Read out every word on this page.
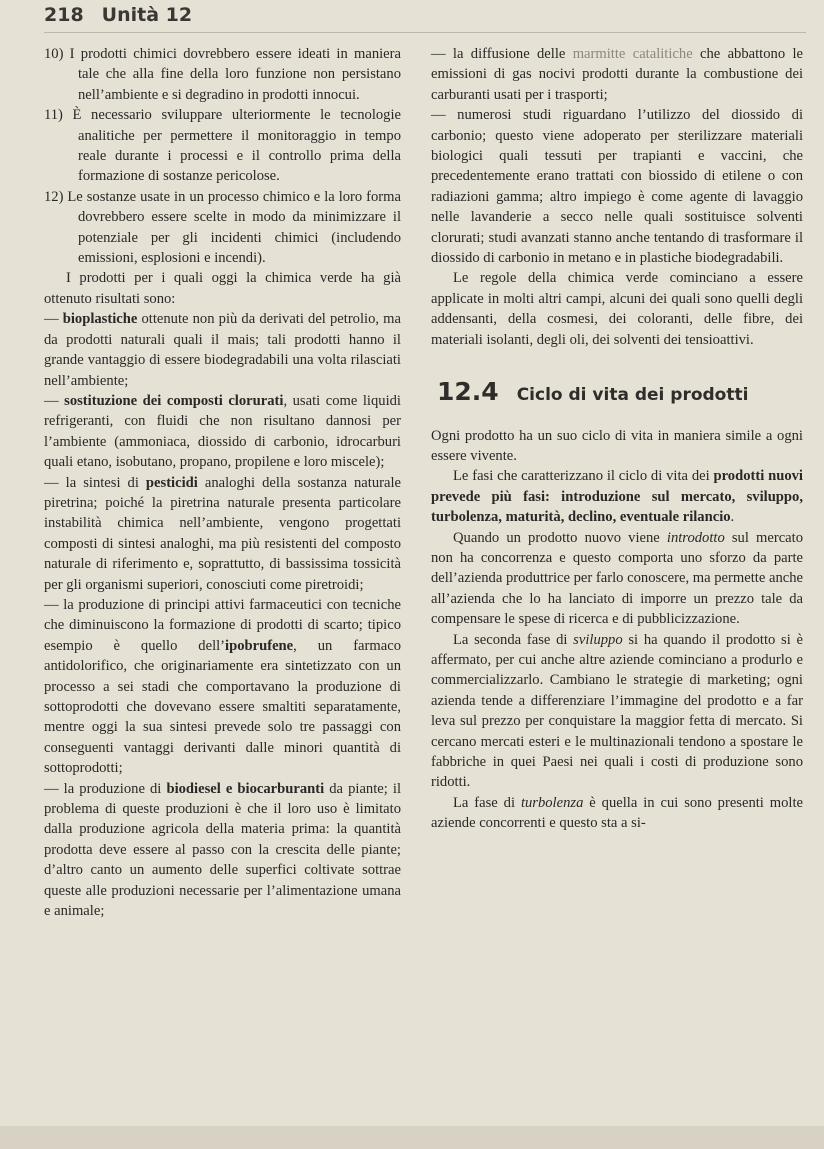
218 Unità 12

10) I prodotti chimici dovrebbero essere ideati in maniera tale che alla fine della loro funzione non persistano nell’ambiente e si degradino in prodotti innocui.

11) È necessario sviluppare ulteriormente le tecnologie analitiche per permettere il monitoraggio in tempo reale durante i processi e il controllo prima della formazione di sostanze pericolose.

12) Le sostanze usate in un processo chimico e la loro forma dovrebbero essere scelte in modo da minimizzare il potenziale per gli incidenti chimici (includendo emissioni, esplosioni e incendi).

I prodotti per i quali oggi la chimica verde ha già ottenuto risultati sono:

— bioplastiche ottenute non più da derivati del petrolio, ma da prodotti naturali quali il mais; tali prodotti hanno il grande vantaggio di essere biodegradabili una volta rilasciati nell’ambiente;

— sostituzione dei composti clorurati, usati come liquidi refrigeranti, con fluidi che non risultano dannosi per l’ambiente (ammoniaca, diossido di carbonio, idrocarburi quali etano, isobutano, propano, propilene e loro miscele);

— la sintesi di pesticidi analoghi della sostanza naturale piretrina; poiché la piretrina naturale presenta particolare instabilità chimica nell’ambiente, vengono progettati composti di sintesi analoghi, ma più resistenti del composto naturale di riferimento e, soprattutto, di bassissima tossicità per gli organismi superiori, conosciuti come piretroidi;

— la produzione di principi attivi farmaceutici con tecniche che diminuiscono la formazione di prodotti di scarto; tipico esempio è quello dell’ipobrufene, un farmaco antidolorifico, che originariamente era sintetizzato con un processo a sei stadi che comportavano la produzione di sottoprodotti che dovevano essere smaltiti separatamente, mentre oggi la sua sintesi prevede solo tre passaggi con conseguenti vantaggi derivanti dalle minori quantità di sottoprodotti;

— la produzione di biodiesel e biocarburanti da piante; il problema di queste produzioni è che il loro uso è limitato dalla produzione agricola della materia prima: la quantità prodotta deve essere al passo con la crescita delle piante; d’altro canto un aumento delle superfici coltivate sottrae queste alle produzioni necessarie per l’alimentazione umana e animale;

— la diffusione delle marmitte catalitiche che abbattono le emissioni di gas nocivi prodotti durante la combustione dei carburanti usati per i trasporti;

— numerosi studi riguardano l’utilizzo del diossido di carbonio; questo viene adoperato per sterilizzare materiali biologici quali tessuti per trapianti e vaccini, che precedentemente erano trattati con biossido di etilene o con radiazioni gamma; altro impiego è come agente di lavaggio nelle lavanderie a secco nelle quali sostituisce solventi clorurati; studi avanzati stanno anche tentando di trasformare il diossido di carbonio in metano e in plastiche biodegradabili.

Le regole della chimica verde cominciano a essere applicate in molti altri campi, alcuni dei quali sono quelli degli addensanti, della cosmesi, dei coloranti, delle fibre, dei materiali isolanti, degli oli, dei solventi dei tensioattivi.

12.4 Ciclo di vita dei prodotti

Ogni prodotto ha un suo ciclo di vita in maniera simile a ogni essere vivente.

Le fasi che caratterizzano il ciclo di vita dei prodotti nuovi prevede più fasi: introduzione sul mercato, sviluppo, turbolenza, maturità, declino, eventuale rilancio.

Quando un prodotto nuovo viene introdotto sul mercato non ha concorrenza e questo comporta uno sforzo da parte dell’azienda produttrice per farlo conoscere, ma permette anche all’azienda che lo ha lanciato di imporre un prezzo tale da compensare le spese di ricerca e di pubblicizzazione.

La seconda fase di sviluppo si ha quando il prodotto si è affermato, per cui anche altre aziende cominciano a produrlo e commercializzarlo. Cambiano le strategie di marketing; ogni azienda tende a differenziare l’immagine del prodotto e a far leva sul prezzo per conquistare la maggior fetta di mercato. Si cercano mercati esteri e le multinazionali tendono a spostare le fabbriche in quei Paesi nei quali i costi di produzione sono ridotti.

La fase di turbolenza è quella in cui sono presenti molte aziende concorrenti e questo sta a si-
